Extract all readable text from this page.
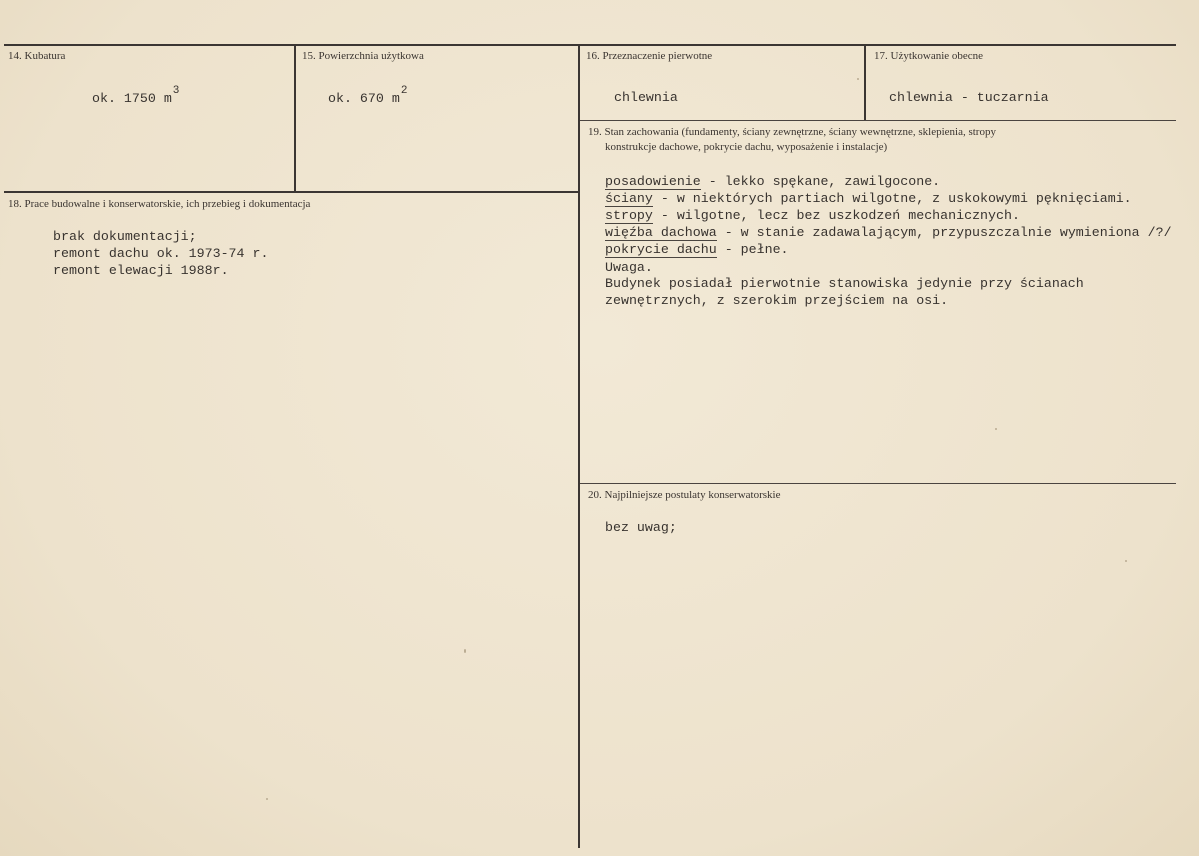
14. Kubatura
ok. 1750 $m^3$
15. Powierzchnia użytkowa
ok. 670 $m^2$
16. Przeznaczenie pierwotne
chlewnia
17. Użytkowanie obecne
chlewnia - tuczarnia
18. Prace budowalne i konserwatorskie, ich przebieg i dokumentacja
brak dokumentacji;
remont dachu ok. 1973-74 r.
remont elewacji 1988r.
19. Stan zachowania (fundamenty, ściany zewnętrzne, ściany wewnętrzne, sklepienia, stropy
konstrukcje dachowe, pokrycie dachu, wyposażenie i instalacje)
posadowienie - lekko spękane, zawilgocone.
ściany - w niektórych partiach wilgotne, z uskokowymi pęknięciami.
stropy - wilgotne, lecz bez uszkodzeń mechanicznych.
więźba dachowa - w stanie zadawalającym, przypuszczalnie wymieniona /?/
pokrycie dachu - pełne.
Uwaga.
Budynek posiadał pierwotnie stanowiska jedynie przy ścianach
zewnętrznych, z szerokim przejściem na osi.
20. Najpilniejsze postulaty konserwatorskie
bez uwag;
